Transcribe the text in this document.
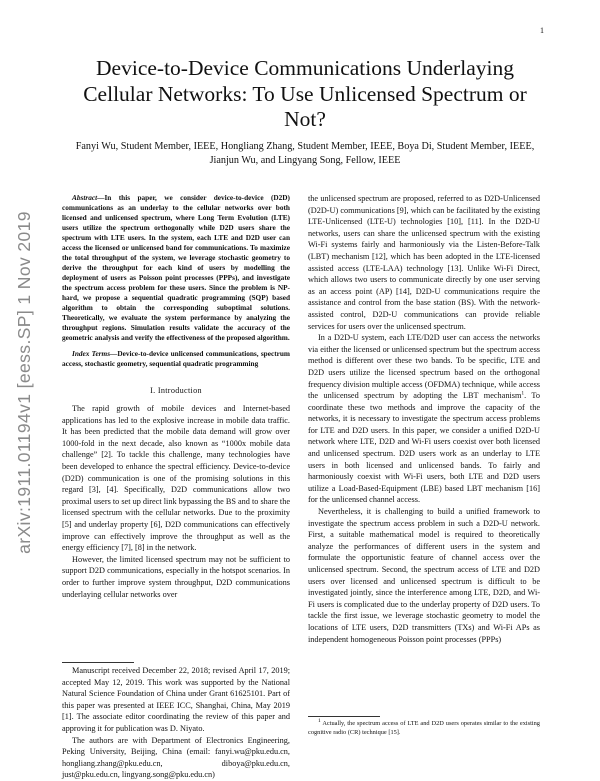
1
arXiv:1911.01194v1 [eess.SP] 1 Nov 2019
Device-to-Device Communications Underlaying Cellular Networks: To Use Unlicensed Spectrum or Not?

Fanyi Wu, Student Member, IEEE, Hongliang Zhang, Student Member, IEEE, Boya Di, Student Member, IEEE, Jianjun Wu, and Lingyang Song, Fellow, IEEE

Abstract—In this paper, we consider device-to-device (D2D) communications as an underlay to the cellular networks over both licensed and unlicensed spectrum, where Long Term Evolution (LTE) users utilize the spectrum orthogonally while D2D users share the spectrum with LTE users. In the system, each LTE and D2D user can access the licensed or unlicensed band for communications. To maximize the total throughput of the system, we leverage stochastic geometry to derive the throughput for each kind of users by modelling the deployment of users as Poisson point processes (PPPs), and investigate the spectrum access problem for these users. Since the problem is NP-hard, we propose a sequential quadratic programming (SQP) based algorithm to obtain the corresponding suboptimal solutions. Theoretically, we evaluate the system performance by analyzing the throughput regions. Simulation results validate the accuracy of the geometric analysis and verify the effectiveness of the proposed algorithm.

Index Terms—Device-to-device unlicensed communications, spectrum access, stochastic geometry, sequential quadratic programming

I. Introduction

The rapid growth of mobile devices and Internet-based applications has led to the explosive increase in mobile data traffic. It has been predicted that the mobile data demand will grow over 1000-fold in the next decade, also known as “1000x mobile data challenge” [2]. To tackle this challenge, many technologies have been developed to enhance the spectral efficiency. Device-to-device (D2D) communication is one of the promising solutions in this regard [3], [4]. Specifically, D2D communications allow two proximal users to set up direct link bypassing the BS and to share the licensed spectrum with the cellular networks. Due to the proximity [5] and underlay property [6], D2D communications can effectively improve can effectively improve the throughput as well as the energy efficiency [7], [8] in the network.

However, the limited licensed spectrum may not be sufficient to support D2D communications, especially in the hotspot scenarios. In order to further improve system throughput, D2D communications underlaying cellular networks over

Manuscript received December 22, 2018; revised April 17, 2019; accepted May 12, 2019. This work was supported by the National Natural Science Foundation of China under Grant 61625101. Part of this paper was presented at IEEE ICC, Shanghai, China, May 2019 [1]. The associate editor coordinating the review of this paper and approving it for publication was D. Niyato.

The authors are with Department of Electronics Engineering, Peking University, Beijing, China (email: fanyi.wu@pku.edu.cn, hongliang.zhang@pku.edu.cn, diboya@pku.edu.cn, just@pku.edu.cn, lingyang.song@pku.edu.cn)

the unlicensed spectrum are proposed, referred to as D2D-Unlicensed (D2D-U) communications [9], which can be facilitated by the existing LTE-Unlicensed (LTE-U) technologies [10], [11]. In the D2D-U networks, users can share the unlicensed spectrum with the existing Wi-Fi systems fairly and harmoniously via the Listen-Before-Talk (LBT) mechanism [12], which has been adopted in the LTE-licensed assisted access (LTE-LAA) technology [13]. Unlike Wi-Fi Direct, which allows two users to communicate directly by one user serving as an access point (AP) [14], D2D-U communications require the assistance and control from the base station (BS). With the network-assisted control, D2D-U communications can provide reliable services for users over the unlicensed spectrum.

In a D2D-U system, each LTE/D2D user can access the networks via either the licensed or unlicensed spectrum but the spectrum access method is different over these two bands. To be specific, LTE and D2D users utilize the licensed spectrum based on the orthogonal frequency division multiple access (OFDMA) technique, while access the unlicensed spectrum by adopting the LBT mechanism$^1$. To coordinate these two methods and improve the capacity of the networks, it is necessary to investigate the spectrum access problems for LTE and D2D users. In this paper, we consider a unified D2D-U network where LTE, D2D and Wi-Fi users coexist over both licensed and unlicensed spectrum. D2D users work as an underlay to LTE users in both licensed and unlicensed bands. To fairly and harmoniously coexist with Wi-Fi users, both LTE and D2D users utilize a Load-Based-Equipment (LBE) based LBT mechanism [16] for the unlicensed channel access.

Nevertheless, it is challenging to build a unified framework to investigate the spectrum access problem in such a D2D-U network. First, a suitable mathematical model is required to theoretically analyze the performances of different users in the system and formulate the opportunistic feature of channel access over the unlicensed spectrum. Second, the spectrum access of LTE and D2D users over licensed and unlicensed spectrum is difficult to be investigated jointly, since the interference among LTE, D2D, and Wi-Fi users is complicated due to the underlay property of D2D users. To tackle the first issue, we leverage stochastic geometry to model the locations of LTE users, D2D transmitters (TXs) and Wi-Fi APs as independent homogeneous Poisson point processes (PPPs)

$^1$ Actually, the spectrum access of LTE and D2D users operates similar to the existing cognitive radio (CR) technique [15].
